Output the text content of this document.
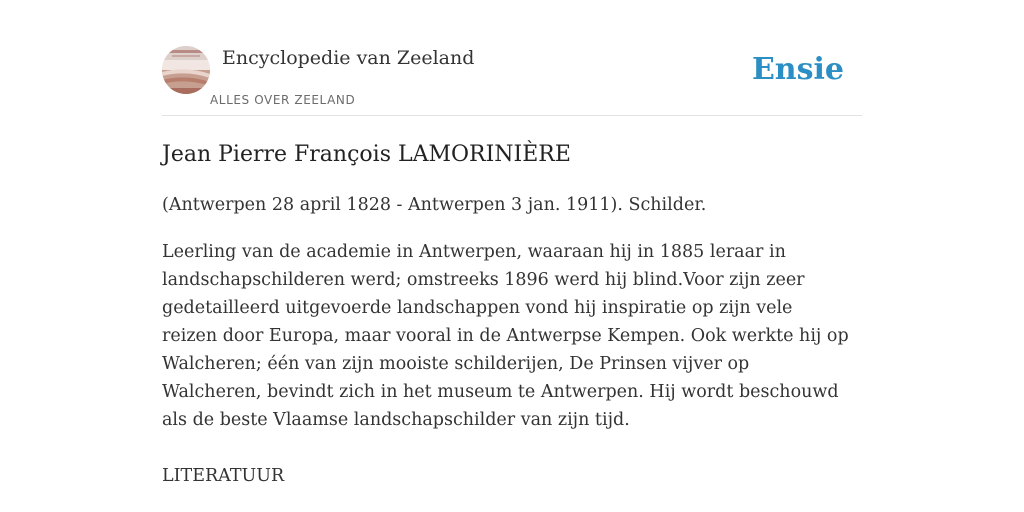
Encyclopedie van Zeeland
ALLES OVER ZEELAND
Ensie
Jean Pierre François LAMORINIÈRE

(Antwerpen 28 april 1828 - Antwerpen 3 jan. 1911). Schilder.

Leerling van de academie in Antwerpen, waaraan hij in 1885 leraar in landschapschilderen werd; omstreeks 1896 werd hij blind.Voor zijn zeer gedetailleerd uitgevoerde landschappen vond hij inspiratie op zijn vele reizen door Europa, maar vooral in de Antwerpse Kempen. Ook werkte hij op Walcheren; één van zijn mooiste schilderijen, De Prinsen vijver op Walcheren, bevindt zich in het museum te Antwerpen. Hij wordt beschouwd als de beste Vlaamse landschapschilder van zijn tijd.

LITERATUUR
